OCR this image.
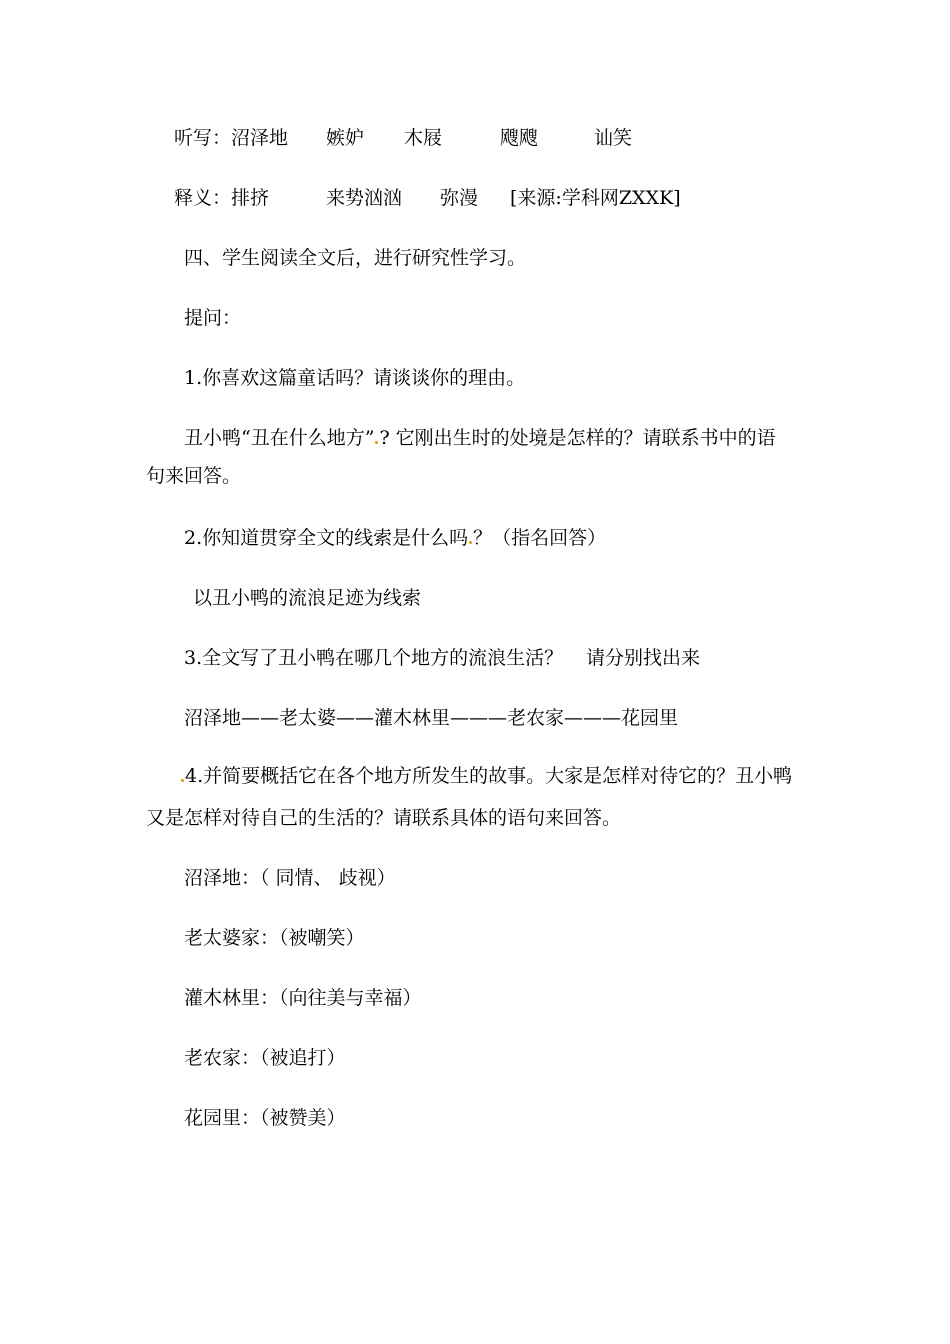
听写：沼泽地 嫉妒 木屐	飕飕	讪笑
释义：排挤	来势汹汹 弥漫 [来源:学科网ZXXK]
四、学生阅读全文后，进行研究性学习。
提问：
1.你喜欢这篇童话吗？请谈谈你的理由。
丑小鸭“丑在什么地方” ? 它刚出生时的处境是怎样的？请联系书中的语
句来回答。
2.你知道贯穿全文的线索是什么吗 ？（指名回答）
以丑小鸭的流浪足迹为线索
3.全文写了丑小鸭在哪几个地方的流浪生活？ 请分别找出来
沼泽地——老太婆——灌木林里———老农家———花园里
4.并简要概括它在各个地方所发生的故事。大家是怎样对待它的？丑小鸭
又是怎样对待自己的生活的？请联系具体的语句来回答。
沼泽地：（ 同情、 歧视）
老太婆家：（被嘲笑）
灌木林里：（向往美与幸福）
老农家：（被追打）
花园里：（被赞美）
